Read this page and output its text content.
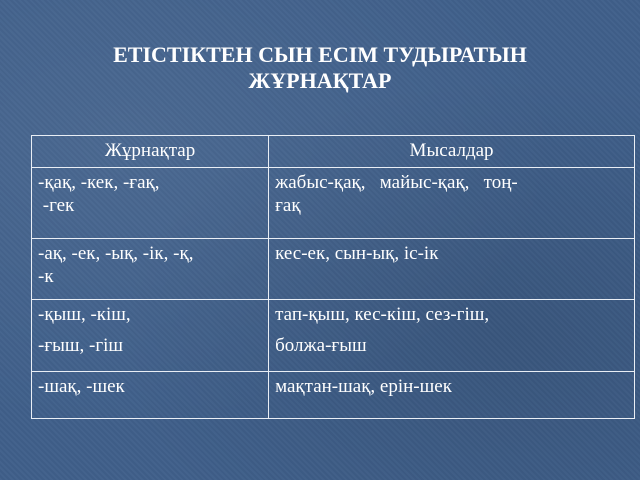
ЕТІСТІКТЕН СЫН ЕСІМ ТУДЫРАТЫН
ЖҰРНАҚТАР
Жұрнақтар	Мысалдар

-қақ, -кек, -ғақ,
-гек	жабыс-қақ,   майыс-қақ,   тоң-
ғақ

-ақ, -ек, -ық, -ік, -қ,
-к	кес-ек, сын-ық, іс-ік

-қыш, -кіш,
-ғыш, -гіш	тап-қыш, кес-кіш, сез-гіш,
болжа-ғыш

-шақ, -шек	мақтан-шақ, ерін-шек
